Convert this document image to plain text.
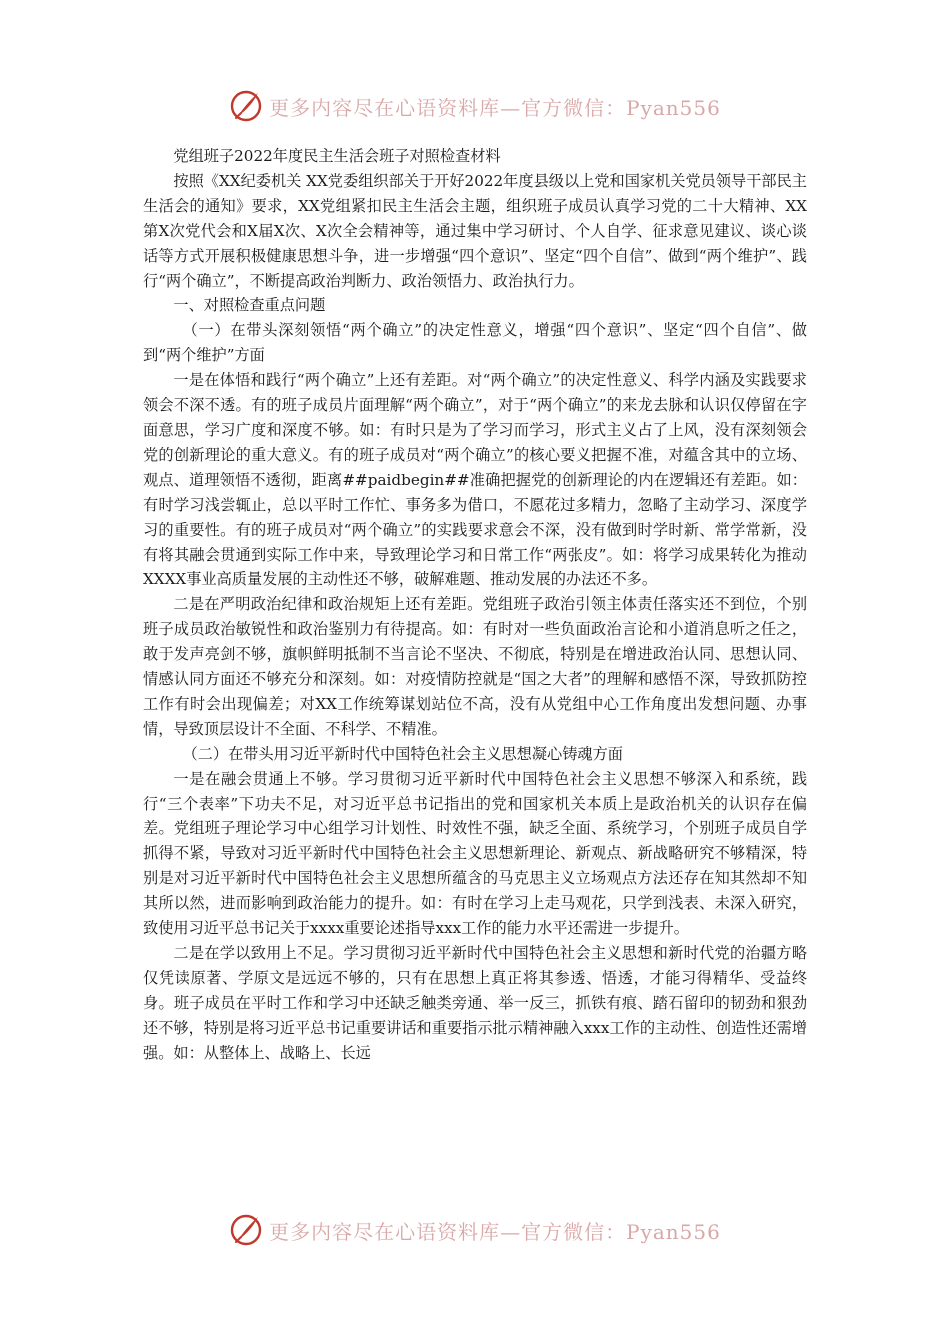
更多内容尽在心语资料库—官方微信：Pyan556

党组班子2022年度民主生活会班子对照检查材料

按照《XX纪委机关 XX党委组织部关于开好2022年度县级以上党和国家机关党员领导干部民主生活会的通知》要求，XX党组紧扣民主生活会主题，组织班子成员认真学习党的二十大精神、XX第X次党代会和X届X次、X次全会精神等，通过集中学习研讨、个人自学、征求意见建议、谈心谈话等方式开展积极健康思想斗争，进一步增强“四个意识”、坚定“四个自信”、做到“两个维护”、践行“两个确立”，不断提高政治判断力、政治领悟力、政治执行力。

一、对照检查重点问题

（一）在带头深刻领悟“两个确立”的决定性意义，增强“四个意识”、坚定“四个自信”、做到“两个维护”方面

一是在体悟和践行“两个确立”上还有差距。对“两个确立”的决定性意义、科学内涵及实践要求领会不深不透。有的班子成员片面理解“两个确立”，对于“两个确立”的来龙去脉和认识仅停留在字面意思，学习广度和深度不够。如：有时只是为了学习而学习，形式主义占了上风，没有深刻领会党的创新理论的重大意义。有的班子成员对“两个确立”的核心要义把握不准，对蕴含其中的立场、观点、道理领悟不透彻，距离##paidbegin##准确把握党的创新理论的内在逻辑还有差距。如：有时学习浅尝辄止，总以平时工作忙、事务多为借口，不愿花过多精力，忽略了主动学习、深度学习的重要性。有的班子成员对“两个确立”的实践要求意会不深，没有做到时学时新、常学常新，没有将其融会贯通到实际工作中来，导致理论学习和日常工作“两张皮”。如：将学习成果转化为推动XXXX事业高质量发展的主动性还不够，破解难题、推动发展的办法还不多。

二是在严明政治纪律和政治规矩上还有差距。党组班子政治引领主体责任落实还不到位，个别班子成员政治敏锐性和政治鉴别力有待提高。如：有时对一些负面政治言论和小道消息听之任之，敢于发声亮剑不够，旗帜鲜明抵制不当言论不坚决、不彻底，特别是在增进政治认同、思想认同、情感认同方面还不够充分和深刻。如：对疫情防控就是“国之大者”的理解和感悟不深，导致抓防控工作有时会出现偏差；对XX工作统筹谋划站位不高，没有从党组中心工作角度出发想问题、办事情，导致顶层设计不全面、不科学、不精准。

（二）在带头用习近平新时代中国特色社会主义思想凝心铸魂方面

一是在融会贯通上不够。学习贯彻习近平新时代中国特色社会主义思想不够深入和系统，践行“三个表率”下功夫不足，对习近平总书记指出的党和国家机关本质上是政治机关的认识存在偏差。党组班子理论学习中心组学习计划性、时效性不强，缺乏全面、系统学习，个别班子成员自学抓得不紧，导致对习近平新时代中国特色社会主义思想新理论、新观点、新战略研究不够精深，特别是对习近平新时代中国特色社会主义思想所蕴含的马克思主义立场观点方法还存在知其然却不知其所以然，进而影响到政治能力的提升。如：有时在学习上走马观花，只学到浅表、未深入研究，致使用习近平总书记关于xxxx重要论述指导xxx工作的能力水平还需进一步提升。

二是在学以致用上不足。学习贯彻习近平新时代中国特色社会主义思想和新时代党的治疆方略仅凭读原著、学原文是远远不够的，只有在思想上真正将其参透、悟透，才能习得精华、受益终身。班子成员在平时工作和学习中还缺乏触类旁通、举一反三，抓铁有痕、踏石留印的韧劲和狠劲还不够，特别是将习近平总书记重要讲话和重要指示批示精神融入xxx工作的主动性、创造性还需增强。如：从整体上、战略上、长远

更多内容尽在心语资料库—官方微信：Pyan556
